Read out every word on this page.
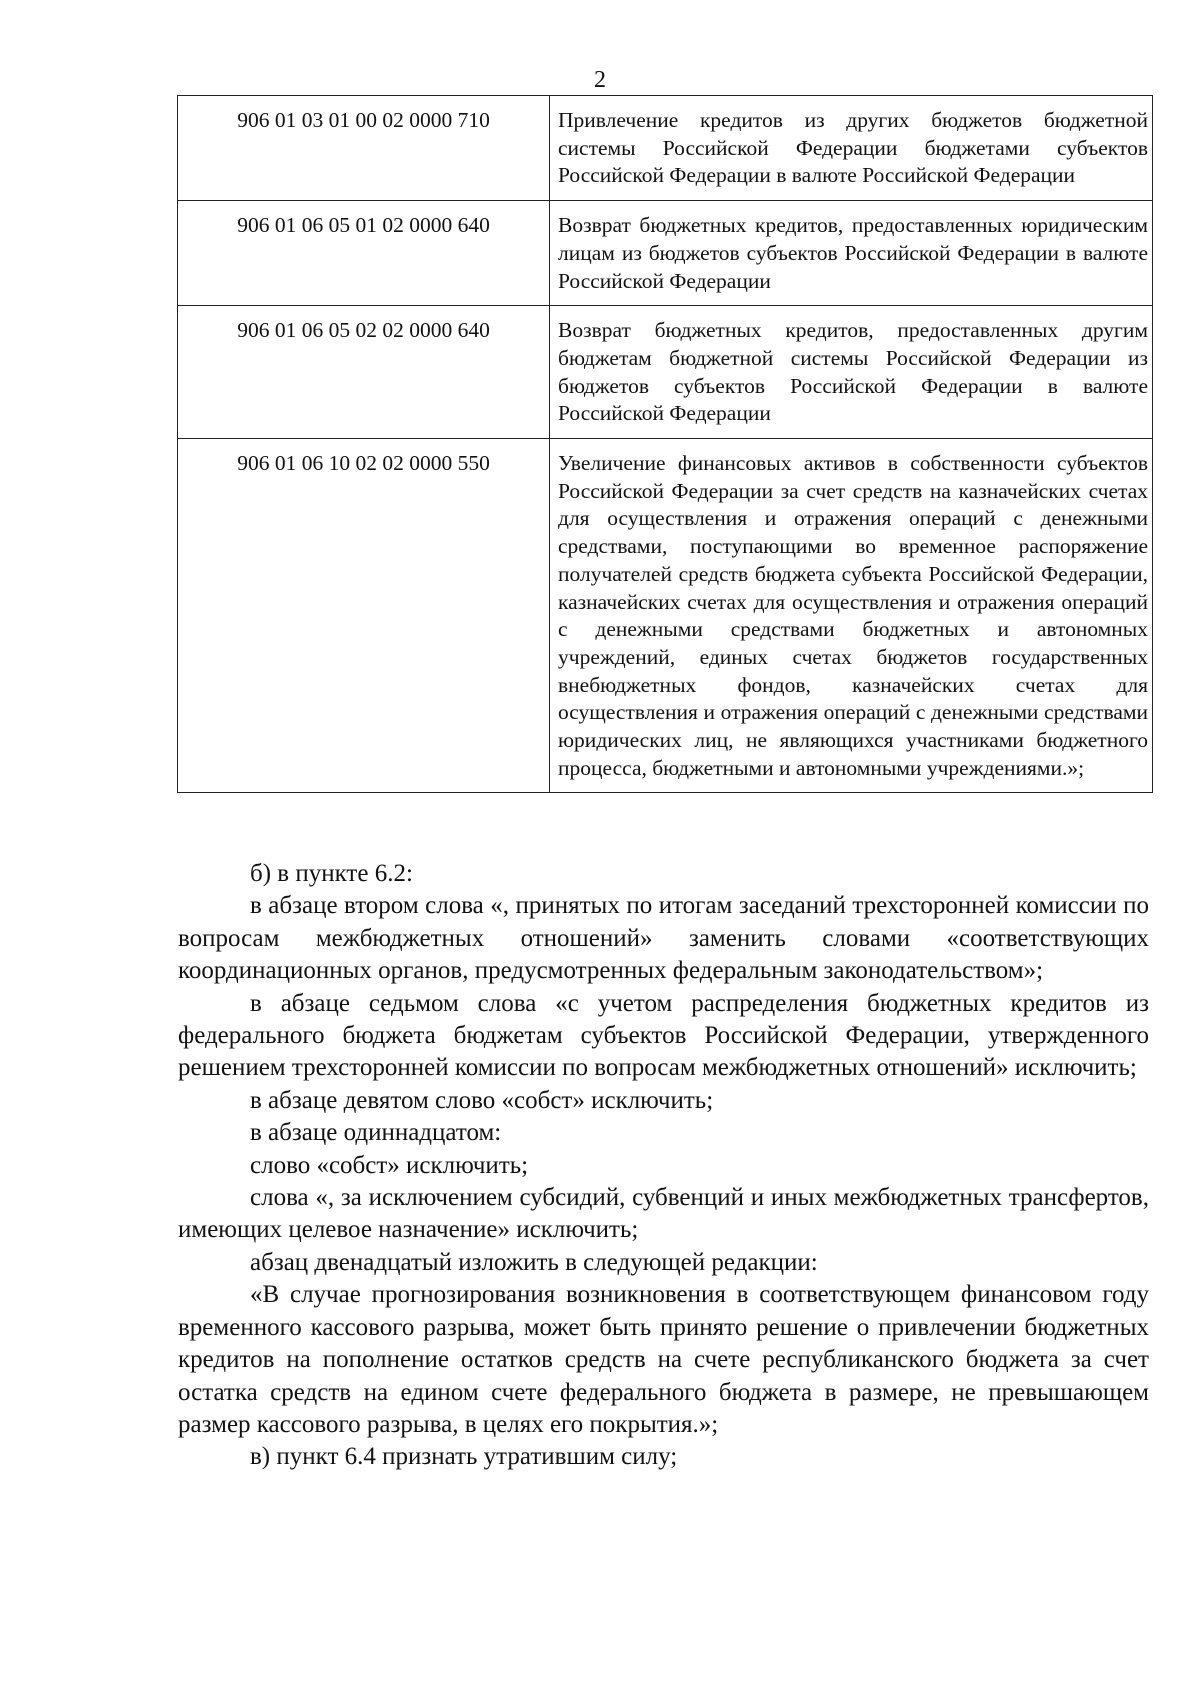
2
906 01 03 01 00 02 0000 710	Привлечение кредитов из других бюджетов бюджетной системы Российской Федерации бюджетами субъектов Российской Федерации в валюте Российской Федерации
906 01 06 05 01 02 0000 640	Возврат бюджетных кредитов, предоставленных юридическим лицам из бюджетов субъектов Российской Федерации в валюте Российской Федерации
906 01 06 05 02 02 0000 640	Возврат бюджетных кредитов, предоставленных другим бюджетам бюджетной системы Российской Федерации из бюджетов субъектов Российской Федерации в валюте Российской Федерации
906 01 06 10 02 02 0000 550	Увеличение финансовых активов в собственности субъектов Российской Федерации за счет средств на казначейских счетах для осуществления и отражения операций с денежными средствами, поступающими во временное распоряжение получателей средств бюджета субъекта Российской Федерации, казначейских счетах для осуществления и отражения операций с денежными средствами бюджетных и автономных учреждений, единых счетах бюджетов государственных внебюджетных фондов, казначейских счетах для осуществления и отражения операций с денежными средствами юридических лиц, не являющихся участниками бюджетного процесса, бюджетными и автономными учреждениями.»;

б) в пункте 6.2:

в абзаце втором слова «, принятых по итогам заседаний трехсторонней комиссии по вопросам межбюджетных отношений» заменить словами «соответствующих координационных органов, предусмотренных федеральным законодательством»;

в абзаце седьмом слова «с учетом распределения бюджетных кредитов из федерального бюджета бюджетам субъектов Российской Федерации, утвержденного решением трехсторонней комиссии по вопросам межбюджетных отношений» исключить;

в абзаце девятом слово «собст» исключить;

в абзаце одиннадцатом:

слово «собст» исключить;

слова «, за исключением субсидий, субвенций и иных межбюджетных трансфертов, имеющих целевое назначение» исключить;

абзац двенадцатый изложить в следующей редакции:

«В случае прогнозирования возникновения в соответствующем финансовом году временного кассового разрыва, может быть принято решение о привлечении бюджетных кредитов на пополнение остатков средств на счете республиканского бюджета за счет остатка средств на едином счете федерального бюджета в размере, не превышающем размер кассового разрыва, в целях его покрытия.»;

в) пункт 6.4 признать утратившим силу;
